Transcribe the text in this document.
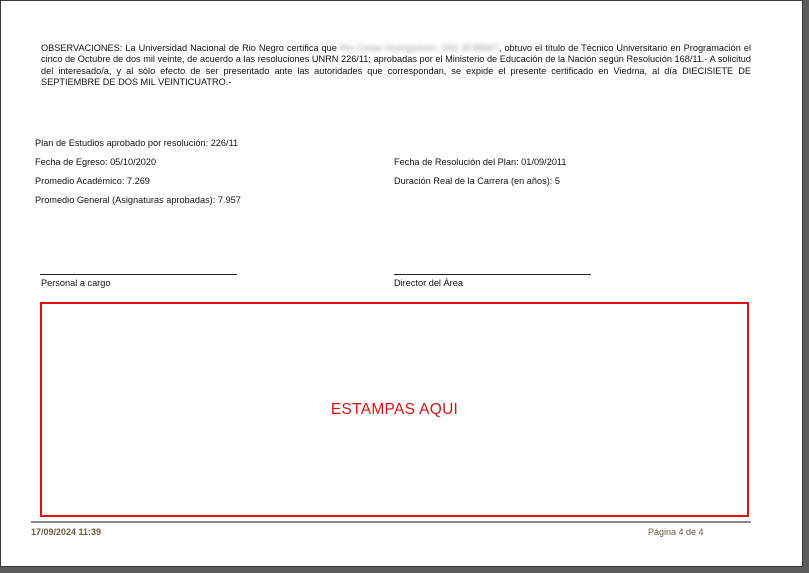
OBSERVACIONES: La Universidad Nacional de Rio Negro certifica que Rio Cesar Huerguilcon, DNI 3F88847, obtuvo el título de Técnico Universitario en Programación el cinco de Octubre de dos mil veinte, de acuerdo a las resoluciones UNRN 226/11; aprobadas por el Ministerio de Educación de la Nación según Resolución 168/11.- A solicitud del interesado/a, y al sólo efecto de ser presentado ante las autoridades que correspondan, se expide el presente certificado en Viedma, al día DIECISIETE DE SEPTIEMBRE DE DOS MIL VEINTICUATRO.-
Plan de Estudios aprobado por resolución: 226/11
Fecha de Egreso: 05/10/2020	Fecha de Resolución del Plan: 01/09/2011
Promedio Académico: 7.269	Duración Real de la Carrera (en años): 5
Promedio General (Asignaturas aprobadas): 7.957
Personal a cargo	Director del Área
ESTAMPAS AQUI
17/09/2024 11:39	Página 4 de 4
